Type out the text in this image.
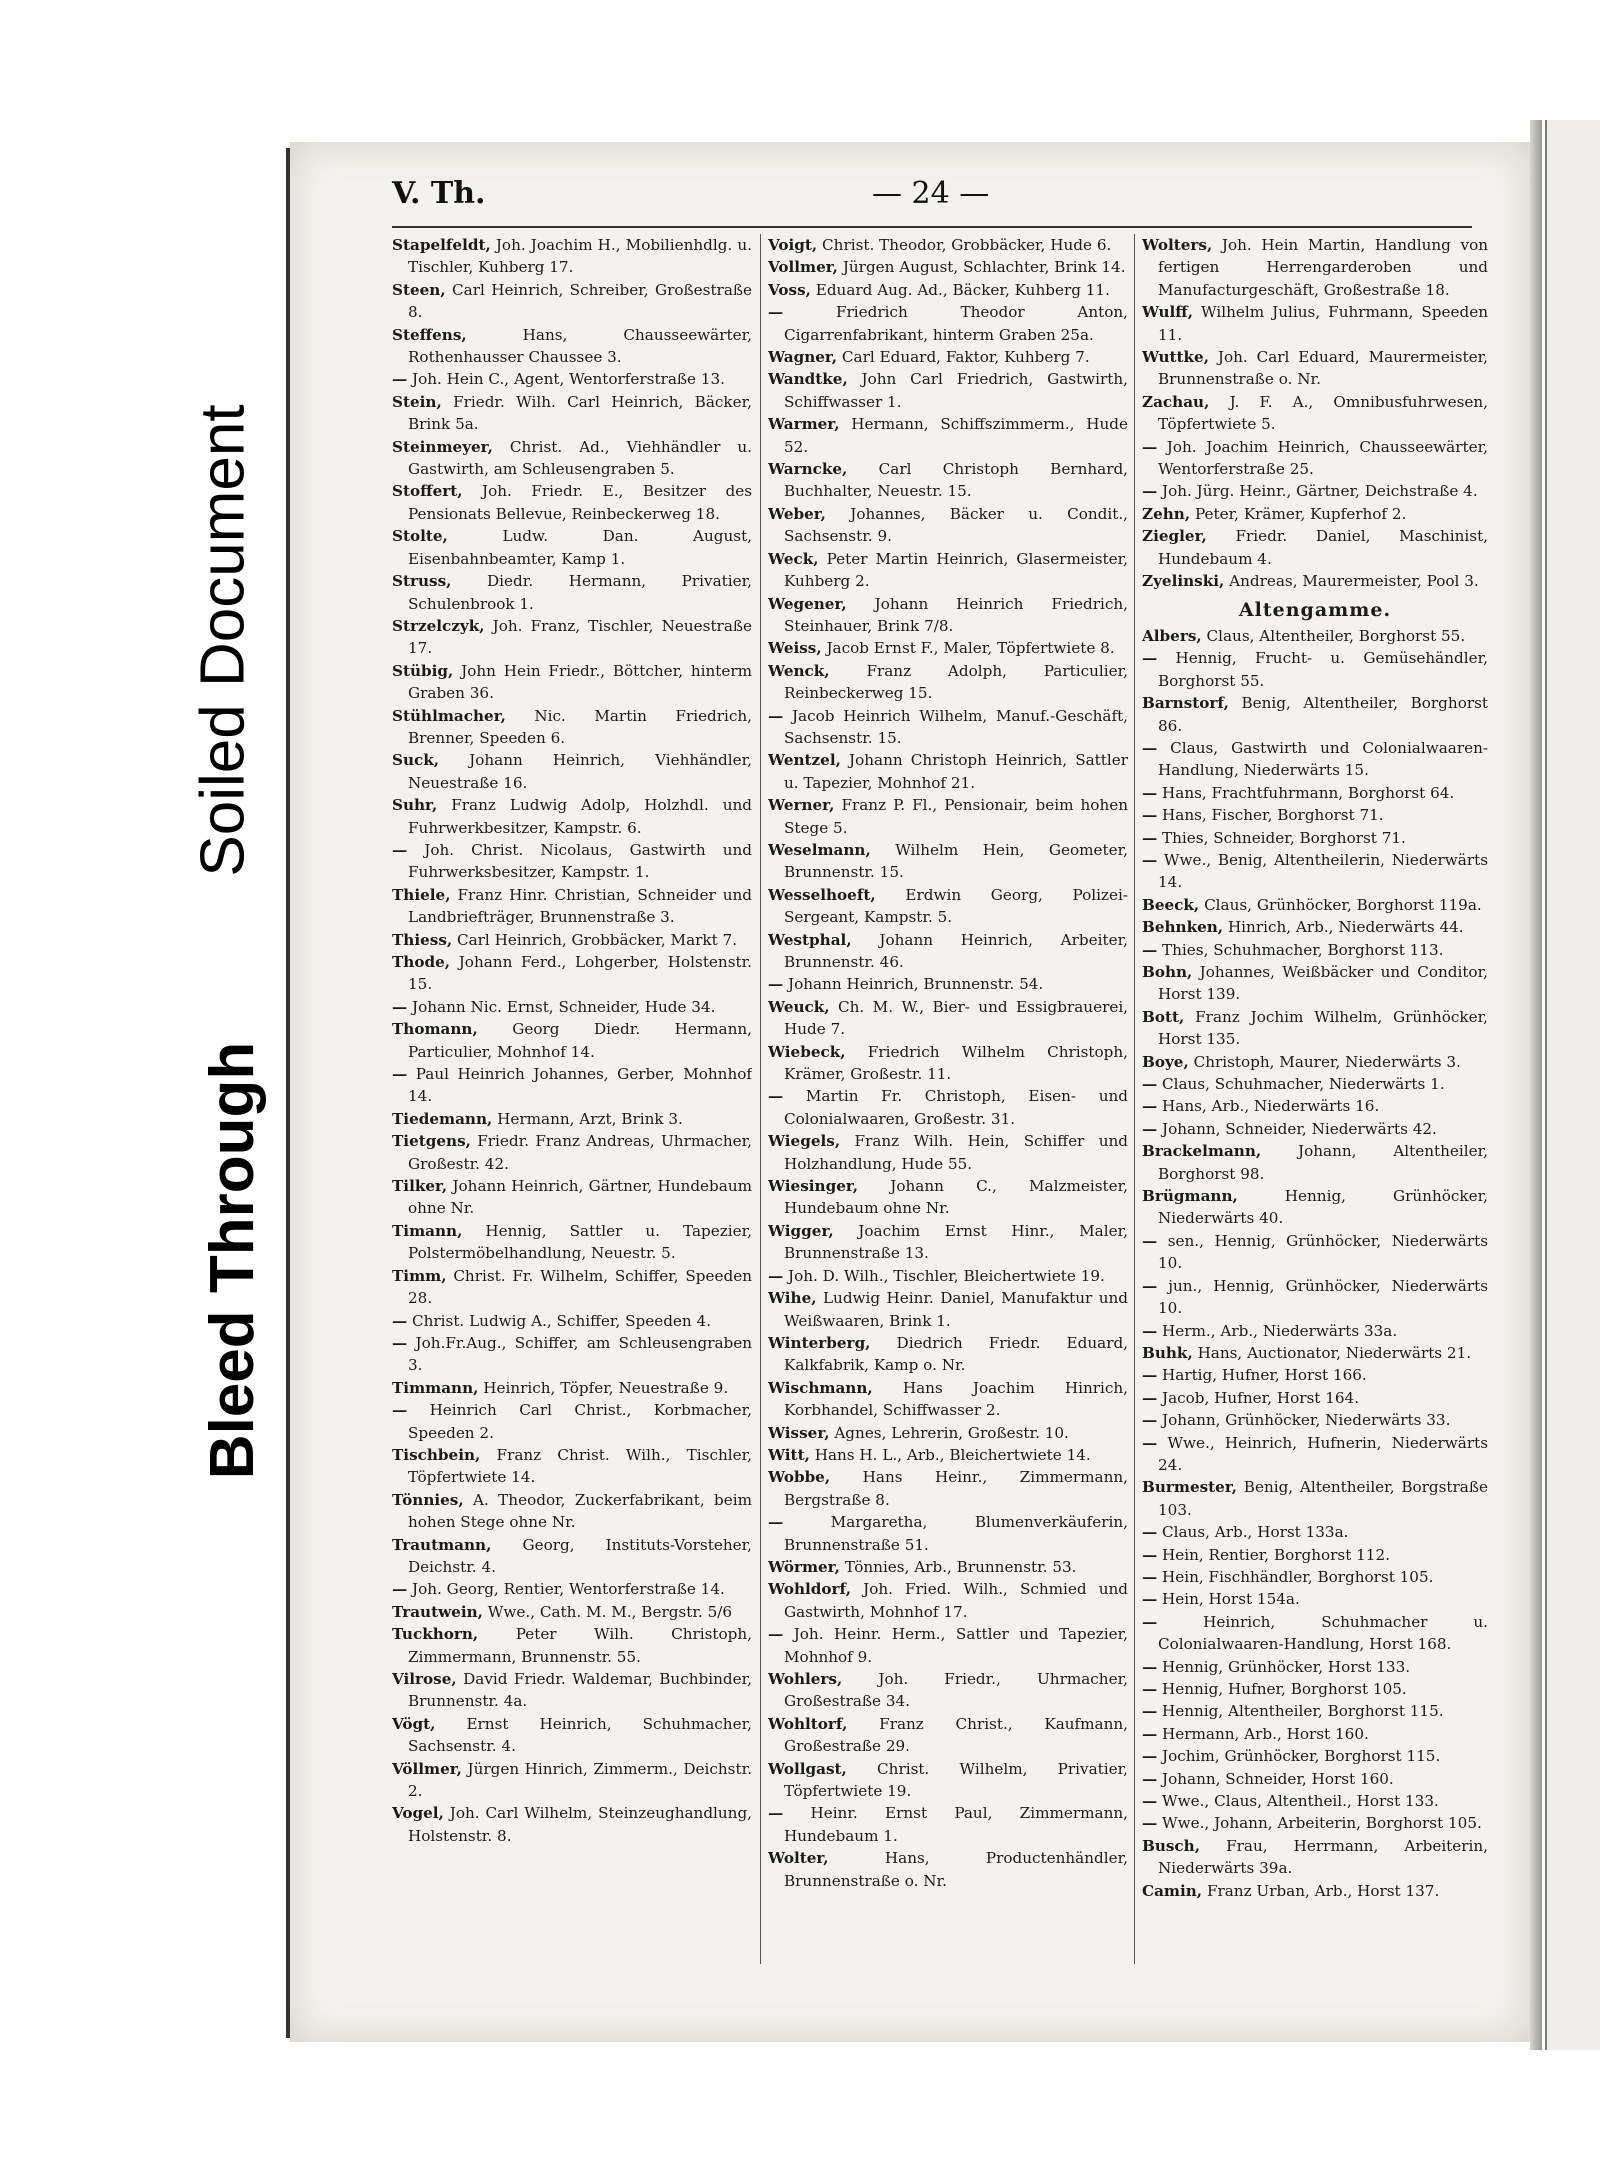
Soiled Document
Bleed Through
V. Th.	— 24 —
Stapelfeldt, Joh. Joachim H., Mobilienhdlg. u. Tischler, Kuhberg 17.
Steen, Carl Heinrich, Schreiber, Großestraße 8.
Steffens,	Hans, Chausseewärter, Rothenhausser Chaussee 3.
— Joh. Hein C., Agent, Wentorferstraße 13.
Stein, Friedr. Wilh. Carl Heinrich, Bäcker, Brink 5a.
Steinmeyer, Christ. Ad., Viehhändler u. Gastwirth, am Schleusengraben 5.
Stoffert, Joh. Friedr. E., Besitzer des Pensionats Bellevue, Reinbeckerweg 18.
Stolte,	Ludw. Dan. August, Eisenbahnbeamter, Kamp 1.
Struss, Diedr. Hermann, Privatier, Schulenbrook 1.
Strzelczyk, Joh. Franz, Tischler, Neuestraße 17.
Stübig, John Hein Friedr., Böttcher, hinterm Graben 36.
Stühlmacher, Nic. Martin Friedrich, Brenner, Speeden 6.
Suck, Johann Heinrich, Viehhändler, Neuestraße 16.
Suhr, Franz Ludwig Adolp, Holzhdl. und Fuhrwerkbesitzer, Kampstr. 6.
— Joh. Christ. Nicolaus, Gastwirth und Fuhrwerksbesitzer, Kampstr. 1.
Thiele, Franz Hinr. Christian, Schneider und Landbriefträger, Brunnenstraße 3.
Thiess, Carl Heinrich, Grobbäcker, Markt 7.
Thode, Johann Ferd., Lohgerber, Holstenstr. 15.
— Johann Nic. Ernst, Schneider, Hude 34.
Thomann, Georg Diedr. Hermann, Particulier, Mohnhof 14.
— Paul Heinrich Johannes, Gerber, Mohnhof 14.
Tiedemann, Hermann, Arzt, Brink 3.
Tietgens, Friedr. Franz Andreas, Uhrmacher, Großestr. 42.
Tilker, Johann Heinrich, Gärtner, Hundebaum ohne Nr.
Timann, Hennig, Sattler u. Tapezier, Polstermöbelhandlung, Neuestr. 5.
Timm, Christ. Fr. Wilhelm, Schiffer, Speeden 28.
— Christ. Ludwig A., Schiffer, Speeden 4.
— Joh.Fr.Aug., Schiffer, am Schleusengraben 3.
Timmann, Heinrich, Töpfer, Neuestraße 9.
— Heinrich Carl Christ., Korbmacher, Speeden 2.
Tischbein, Franz Christ. Wilh., Tischler, Töpfertwiete 14.
Tönnies, A. Theodor, Zuckerfabrikant, beim hohen Stege ohne Nr.
Trautmann, Georg, Instituts-Vorsteher, Deichstr. 4.
— Joh. Georg, Rentier, Wentorferstraße 14.
Trautwein, Wwe., Cath. M. M., Bergstr. 5/6
Tuckhorn, Peter Wilh. Christoph, Zimmermann, Brunnenstr. 55.
Vilrose, David Friedr. Waldemar, Buchbinder, Brunnenstr. 4a.
Vögt, Ernst Heinrich, Schuhmacher, Sachsenstr. 4.
Völlmer, Jürgen Hinrich, Zimmerm., Deichstr. 2.
Vogel, Joh. Carl Wilhelm, Steinzeughandlung, Holstenstr. 8.
Voigt, Christ. Theodor, Grobbäcker, Hude 6.
Vollmer, Jürgen August, Schlachter, Brink 14.
Voss, Eduard Aug. Ad., Bäcker, Kuhberg 11.
—	Friedrich Theodor Anton, Cigarrenfabrikant, hinterm Graben 25a.
Wagner, Carl Eduard, Faktor, Kuhberg 7.
Wandtke, John Carl Friedrich, Gastwirth, Schiffwasser 1.
Warmer, Hermann, Schiffszimmerm., Hude 52.
Warncke, Carl Christoph Bernhard, Buchhalter, Neuestr. 15.
Weber, Johannes, Bäcker u. Condit., Sachsenstr. 9.
Weck, Peter Martin Heinrich, Glasermeister, Kuhberg 2.
Wegener, Johann Heinrich Friedrich, Steinhauer, Brink 7/8.
Weiss, Jacob Ernst F., Maler, Töpfertwiete 8.
Wenck, Franz Adolph, Particulier, Reinbeckerweg 15.
— Jacob Heinrich Wilhelm, Manuf.-Geschäft, Sachsenstr. 15.
Wentzel, Johann Christoph Heinrich, Sattler u. Tapezier, Mohnhof 21.
Werner, Franz P. Fl., Pensionair, beim hohen Stege 5.
Weselmann, Wilhelm Hein, Geometer, Brunnenstr. 15.
Wesselhoeft, Erdwin Georg, Polizei-Sergeant, Kampstr. 5.
Westphal, Johann Heinrich, Arbeiter, Brunnenstr. 46.
— Johann Heinrich, Brunnenstr. 54.
Weuck, Ch. M. W., Bier- und Essigbrauerei, Hude 7.
Wiebeck, Friedrich Wilhelm Christoph, Krämer, Großestr. 11.
— Martin Fr. Christoph, Eisen- und Colonialwaaren, Großestr. 31.
Wiegels, Franz Wilh. Hein, Schiffer und Holzhandlung, Hude 55.
Wiesinger, Johann C., Malzmeister, Hundebaum ohne Nr.
Wigger, Joachim Ernst Hinr., Maler, Brunnenstraße 13.
— Joh. D. Wilh., Tischler, Bleichertwiete 19.
Wihe, Ludwig Heinr. Daniel, Manufaktur und Weißwaaren, Brink 1.
Winterberg, Diedrich Friedr. Eduard, Kalkfabrik, Kamp o. Nr.
Wischmann, Hans Joachim Hinrich, Korbhandel, Schiffwasser 2.
Wisser, Agnes, Lehrerin, Großestr. 10.
Witt, Hans H. L., Arb., Bleichertwiete 14.
Wobbe, Hans Heinr., Zimmermann, Bergstraße 8.
—	Margaretha, Blumenverkäuferin, Brunnenstraße 51.
Wörmer, Tönnies, Arb., Brunnenstr. 53.
Wohldorf, Joh. Fried. Wilh., Schmied und Gastwirth, Mohnhof 17.
— Joh. Heinr. Herm., Sattler und Tapezier, Mohnhof 9.
Wohlers, Joh. Friedr., Uhrmacher, Großestraße 34.
Wohltorf, Franz Christ., Kaufmann, Großestraße 29.
Wollgast, Christ. Wilhelm, Privatier, Töpfertwiete 19.
— Heinr. Ernst Paul, Zimmermann, Hundebaum 1.
Wolter,	Hans, Productenhändler, Brunnenstraße o. Nr.
Wolters, Joh. Hein Martin, Handlung von fertigen Herrengarderoben und Manufacturgeschäft, Großestraße 18.
Wulff, Wilhelm Julius, Fuhrmann, Speeden 11.
Wuttke, Joh. Carl Eduard, Maurermeister, Brunnenstraße o. Nr.
Zachau, J. F. A., Omnibusfuhrwesen, Töpfertwiete 5.
— Joh. Joachim Heinrich, Chausseewärter, Wentorferstraße 25.
— Joh. Jürg. Heinr., Gärtner, Deichstraße 4.
Zehn, Peter, Krämer, Kupferhof 2.
Ziegler, Friedr. Daniel, Maschinist, Hundebaum 4.
Zyelinski, Andreas, Maurermeister, Pool 3.
Altengamme.
Albers, Claus, Altentheiler, Borghorst 55.
— Hennig, Frucht- u. Gemüsehändler, Borghorst 55.
Barnstorf, Benig, Altentheiler, Borghorst 86.
— Claus, Gastwirth und Colonialwaaren-Handlung, Niederwärts 15.
— Hans, Frachtfuhrmann, Borghorst 64.
— Hans, Fischer, Borghorst 71.
— Thies, Schneider, Borghorst 71.
— Wwe., Benig, Altentheilerin, Niederwärts 14.
Beeck, Claus, Grünhöcker, Borghorst 119a.
Behnken, Hinrich, Arb., Niederwärts 44.
— Thies, Schuhmacher, Borghorst 113.
Bohn, Johannes, Weißbäcker und Conditor, Horst 139.
Bott, Franz Jochim Wilhelm, Grünhöcker, Horst 135.
Boye, Christoph, Maurer, Niederwärts 3.
— Claus, Schuhmacher, Niederwärts 1.
— Hans, Arb., Niederwärts 16.
— Johann, Schneider, Niederwärts 42.
Brackelmann, Johann, Altentheiler, Borghorst 98.
Brügmann,	Hennig, Grünhöcker, Niederwärts 40.
— sen., Hennig, Grünhöcker, Niederwärts 10.
— jun., Hennig, Grünhöcker, Niederwärts 10.
— Herm., Arb., Niederwärts 33a.
Buhk, Hans, Auctionator, Niederwärts 21.
— Hartig, Hufner, Horst 166.
— Jacob, Hufner, Horst 164.
— Johann, Grünhöcker, Niederwärts 33.
— Wwe., Heinrich, Hufnerin, Niederwärts 24.
Burmester, Benig, Altentheiler, Borgstraße 103.
— Claus, Arb., Horst 133a.
— Hein, Rentier, Borghorst 112.
— Hein, Fischhändler, Borghorst 105.
— Hein, Horst 154a.
—	Heinrich, Schuhmacher u. Colonialwaaren-Handlung, Horst 168.
— Hennig, Grünhöcker, Horst 133.
— Hennig, Hufner, Borghorst 105.
— Hennig, Altentheiler, Borghorst 115.
— Hermann, Arb., Horst 160.
— Jochim, Grünhöcker, Borghorst 115.
— Johann, Schneider, Horst 160.
— Wwe., Claus, Altentheil., Horst 133.
— Wwe., Johann, Arbeiterin, Borghorst 105.
Busch, Frau, Herrmann, Arbeiterin, Niederwärts 39a.
Camin, Franz Urban, Arb., Horst 137.
